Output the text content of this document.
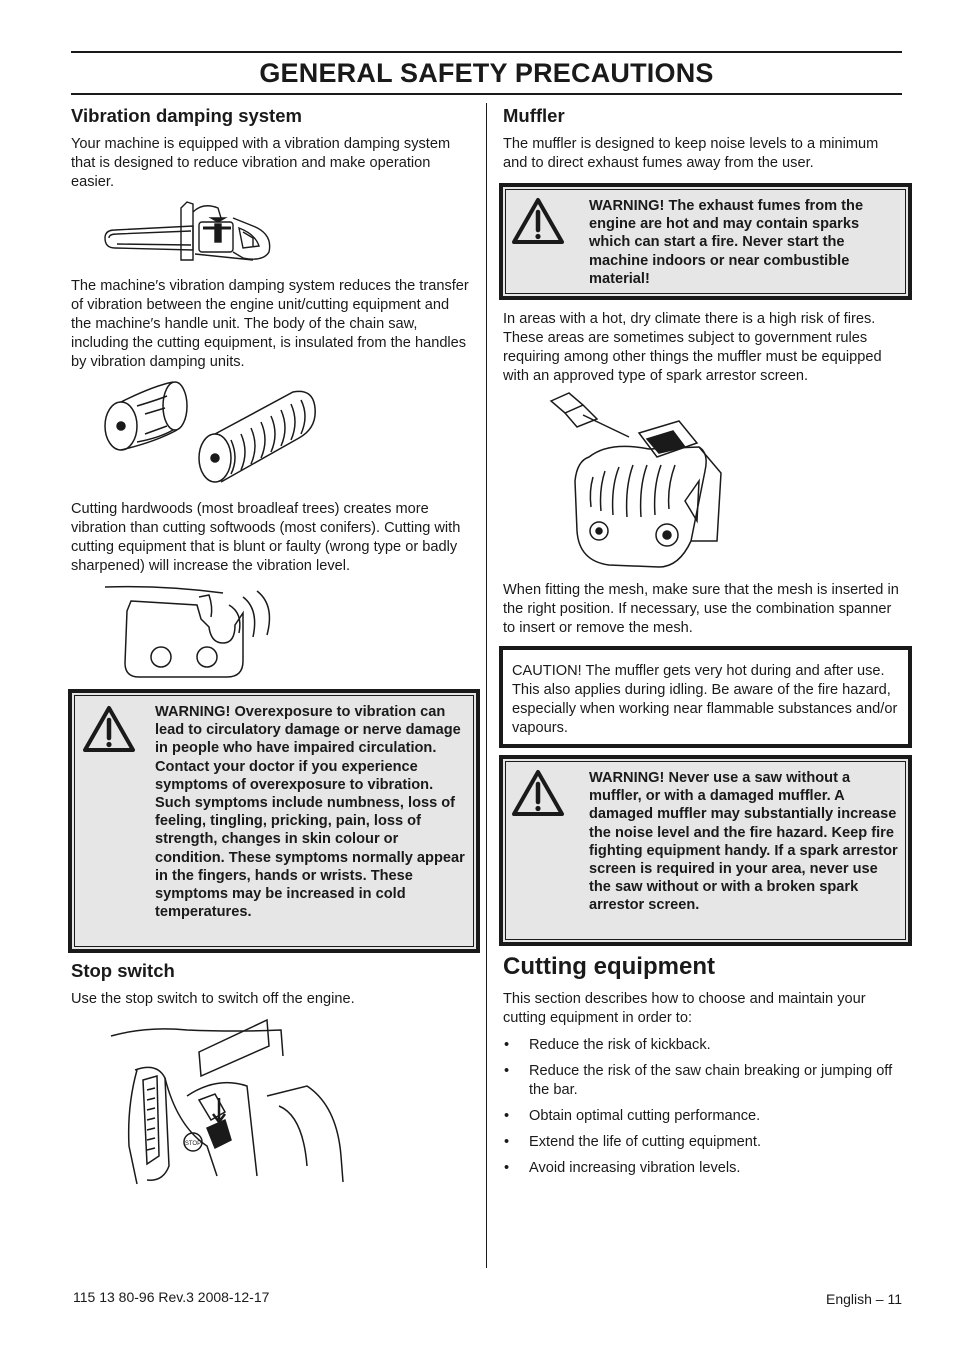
GENERAL SAFETY PRECAUTIONS
Vibration damping system

Your machine is equipped with a vibration damping system that is designed to reduce vibration and make operation easier.

The machine′s vibration damping system reduces the transfer of vibration between the engine unit/cutting equipment and the machine′s handle unit. The body of the chain saw, including the cutting equipment, is insulated from the handles by vibration damping units.

Cutting hardwoods (most broadleaf trees) creates more vibration than cutting softwoods (most conifers). Cutting with cutting equipment that is blunt or faulty (wrong type or badly sharpened) will increase the vibration level.

WARNING! Overexposure to vibration can lead to circulatory damage or nerve damage in people who have impaired circulation. Contact your doctor if you experience symptoms of overexposure to vibration. Such symptoms include numbness, loss of feeling, tingling, pricking, pain, loss of strength, changes in skin colour or condition. These symptoms normally appear in the fingers, hands or wrists. These symptoms may be increased in cold temperatures.
Stop switch

Use the stop switch to switch off the engine.

STOP
Muffler

The muffler is designed to keep noise levels to a minimum and to direct exhaust fumes away from the user.

WARNING! The exhaust fumes from the engine are hot and may contain sparks which can start a fire. Never start the machine indoors or near combustible material!

In areas with a hot, dry climate there is a high risk of fires. These areas are sometimes subject to government rules requiring among other things the muffler must be equipped with an approved type of spark arrestor screen.

When fitting the mesh, make sure that the mesh is inserted in the right position. If necessary, use the combination spanner to insert or remove the mesh.

CAUTION! The muffler gets very hot during and after use. This also applies during idling. Be aware of the fire hazard, especially when working near flammable substances and/or vapours.

WARNING! Never use a saw without a muffler, or with a damaged muffler. A damaged muffler may substantially increase the noise level and the fire hazard. Keep fire fighting equipment handy. If a spark arrestor screen is required in your area, never use the saw without or with a broken spark arrestor screen.
Cutting equipment

This section describes how to choose and maintain your cutting equipment in order to:

• Reduce the risk of kickback.
• Reduce the risk of the saw chain breaking or jumping off the bar.
• Obtain optimal cutting performance.
• Extend the life of cutting equipment.
• Avoid increasing vibration levels.
115 13 80-96 Rev.3 2008-12-17	English – 11
